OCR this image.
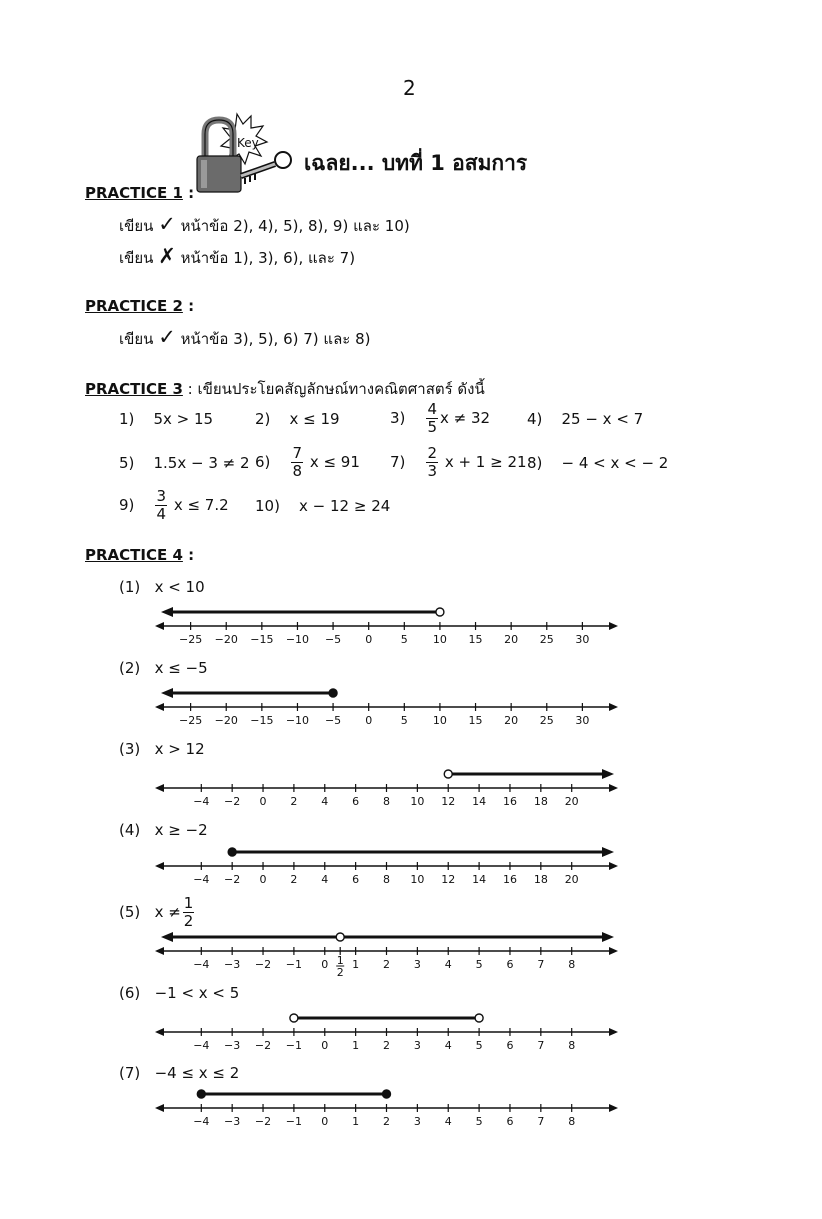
2
Key
เฉลย... บทที่ 1 อสมการ
PRACTICE 1 :
เขียน ✓ หน้าข้อ 2), 4), 5), 8), 9) และ 10)
เขียน ✗ หน้าข้อ 1), 3), 6), และ 7)
PRACTICE 2 :
เขียน ✓ หน้าข้อ 3), 5), 6) 7) และ 8)
PRACTICE 3 : เขียนประโยคสัญลักษณ์ทางคณิตศาสตร์ ดังนี้
1) 5x > 15	2) x ≤ 19	$3) \frac{4}{5}$ x ≠ 32 4) 25 − x < 7
5) 1.5x − 3 ≠ 2 $6) \frac{7}{8}$ x ≤ 91 $7) \frac{2}{3}$ x + 1 ≥ 21 8) − 4 < x < − 2
$9) \frac{3}{4}$ x ≤ 7.2 10) x − 12 ≥ 24
PRACTICE 4 :
(1) x < 10
−25 −20 −15 −10 −5 0	5 10 15 20 25 30
(2) x ≤ −5
−25 −20 −15 −10 −5 0	5 10 15 20 25 30
(3) x > 12
−4 −2 0 2 4 6 8 10 12 14 16 18 20
(4) x ≥ −2
−4 −2 0 2 4 6 8 10 12 14 16 18 20
(5) $x \ne \frac{1}{2}$
−4 −3 −2 −1 0 1 2 3 4 5 6 7 8
1
2
(6) −1 < x < 5
−4 −3 −2 −1 0 1 2 3 4 5 6 7 8
(7) −4 ≤ x ≤ 2
−4 −3 −2 −1 0 1 2 3 4 5 6 7 8
